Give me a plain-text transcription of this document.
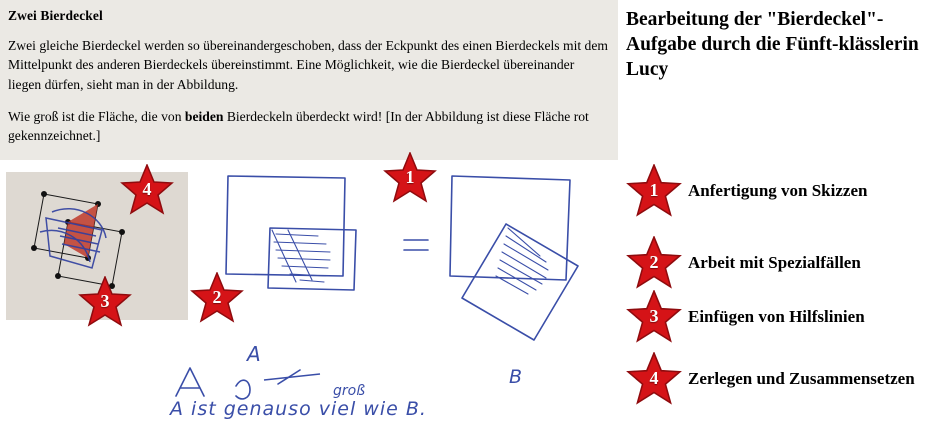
Zwei Bierdeckel

Zwei gleiche Bierdeckel werden so übereinandergeschoben, dass der Eckpunkt des einen Bierdeckels mit dem Mittelpunkt des anderen Bierdeckels übereinstimmt. Eine Möglichkeit, wie die Bierdeckel übereinander liegen dürfen, sieht man in der Abbildung.

Wie groß ist die Fläche, die von beiden Bierdeckeln überdeckt wird! [In der Abbildung ist diese Fläche rot gekennzeichnet.]

4
3	2
1
A
B
A ist genauso viel wie B.
groß
Bearbeitung der "Bierdeckel"-Aufgabe durch die Fünft-klässlerin Lucy
1	Anfertigung von Skizzen
2	Arbeit mit Spezialfällen
3	Einfügen von Hilfslinien
4	Zerlegen und Zusammensetzen
